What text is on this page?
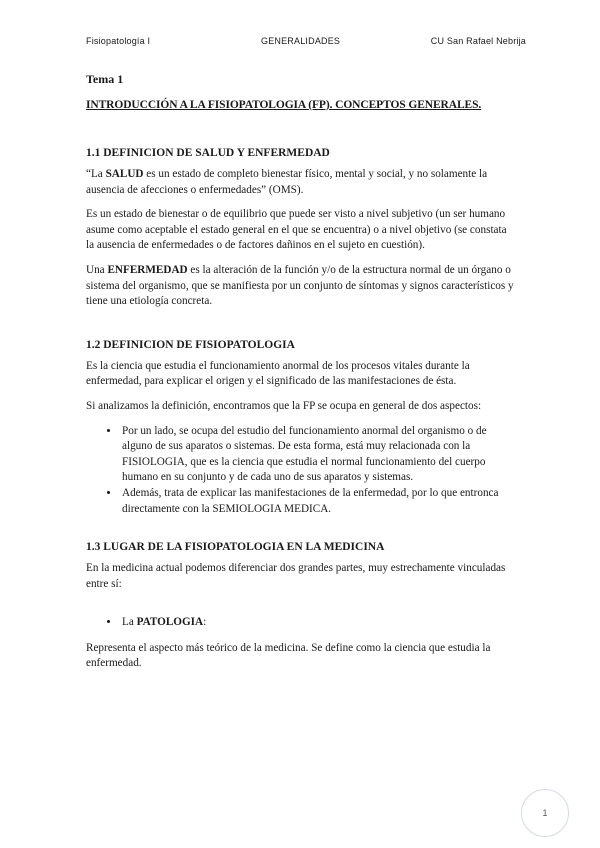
Fisiopatología I	GENERALIDADES	CU San Rafael Nebrija
Tema 1
INTRODUCCIÓN A LA FISIOPATOLOGIA (FP). CONCEPTOS GENERALES.
1.1 DEFINICION DE SALUD Y ENFERMEDAD

“La SALUD es un estado de completo bienestar físico, mental y social, y no solamente la ausencia de afecciones o enfermedades” (OMS).

Es un estado de bienestar o de equilibrio que puede ser visto a nivel subjetivo (un ser humano asume como aceptable el estado general en el que se encuentra) o a nivel objetivo (se constata la ausencia de enfermedades o de factores dañinos en el sujeto en cuestión).

Una ENFERMEDAD es la alteración de la función y/o de la estructura normal de un órgano o sistema del organismo, que se manifiesta por un conjunto de síntomas y signos característicos y tiene una etiología concreta.

1.2 DEFINICION DE FISIOPATOLOGIA

Es la ciencia que estudia el funcionamiento anormal de los procesos vitales durante la enfermedad, para explicar el origen y el significado de las manifestaciones de ésta.

Si analizamos la definición, encontramos que la FP se ocupa en general de dos aspectos:

• Por un lado, se ocupa del estudio del funcionamiento anormal del organismo o de alguno de sus aparatos o sistemas. De esta forma, está muy relacionada con la FISIOLOGIA, que es la ciencia que estudia el normal funcionamiento del cuerpo humano en su conjunto y de cada uno de sus aparatos y sistemas.
• Además, trata de explicar las manifestaciones de la enfermedad, por lo que entronca directamente con la SEMIOLOGIA MEDICA.
1.3 LUGAR DE LA FISIOPATOLOGIA EN LA MEDICINA

En la medicina actual podemos diferenciar dos grandes partes, muy estrechamente vinculadas entre sí:

• La PATOLOGIA:

Representa el aspecto más teórico de la medicina. Se define como la ciencia que estudia la enfermedad.

1
